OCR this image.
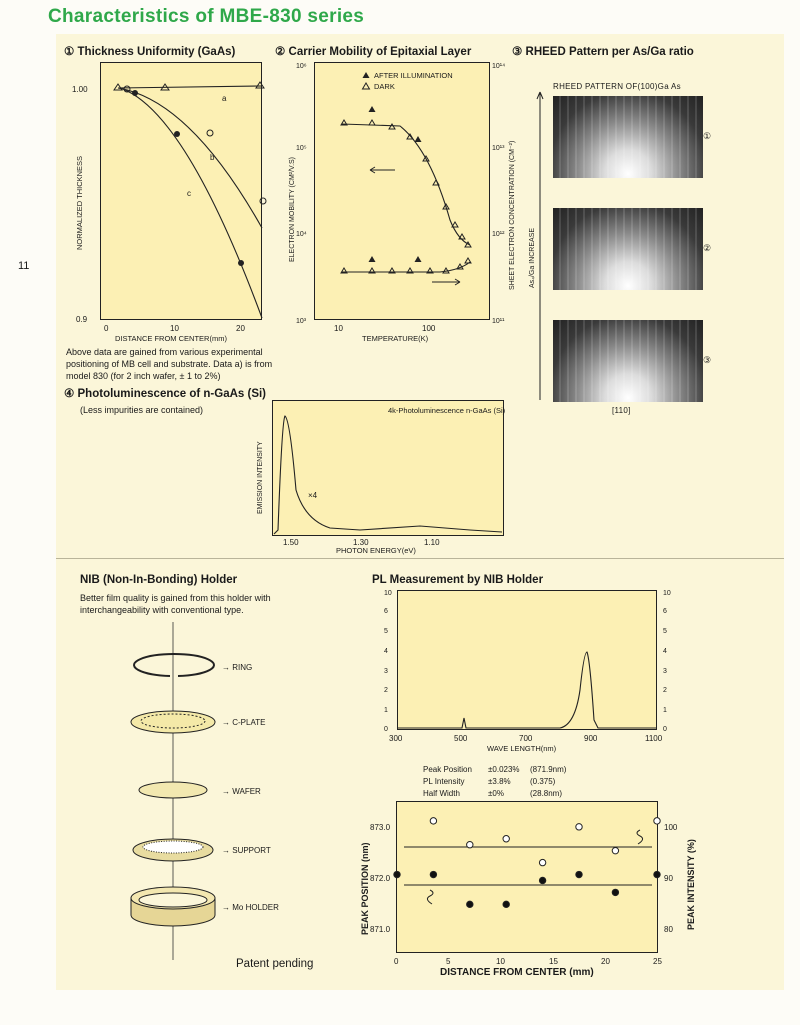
Characteristics of MBE-830 series
11
① Thickness Uniformity (GaAs)	② Carrier Mobility of Epitaxial Layer	③ RHEED Pattern per As/Ga ratio
④ Photoluminescence of n-GaAs (Si)
(Less impurities are contained)
Above data are gained from various experimental positioning of MB cell and substrate. Data a) is from model 830 (for 2 inch wafer, ± 1 to 2%)
1.00
0.9
0	10	20
DISTANCE FROM CENTER(mm)
NORMALIZED THICKNESS
a
b
c
10⁶
10⁵
10⁴
10³
10¹⁴
10¹³
10¹²
10¹¹
10	100
TEMPERATURE(K)
ELECTRON MOBILITY (CM²/V.S)	SHEET ELECTRON CONCENTRATION (CM⁻²)
AFTER ILLUMINATION
DARK	RHEED PATTERN OF(100)Ga As
①
②
③
[110]
As₄/Ga INCREASE
4k-Photoluminescence n-GaAs (Si)
×4
EMISSION INTENSITY
1.50	1.30	1.10
PHOTON ENERGY(eV)
NIB (Non-In-Bonding) Holder
Better film quality is gained from this holder with interchangeability with conventional type.
→ RING
→ C-PLATE
→ WAFER
→ SUPPORT
→ Mo HOLDER
Patent pending
PL Measurement by NIB Holder
10
6
5
4
3
2
1
0
10
6
5
4
3
2
1
0
300	500	700	900	1100
WAVE LENGTH(nm)
Peak Position ±0.023% (871.9nm)
PL Intensity	±3.8% (0.375)
Half Width	±0%	(28.8nm)
873.0
872.0
871.0
100
90
80
0	5	10	15	20	25
DISTANCE FROM CENTER (mm)
PEAK POSITION (nm)	PEAK INTENSITY (%)
